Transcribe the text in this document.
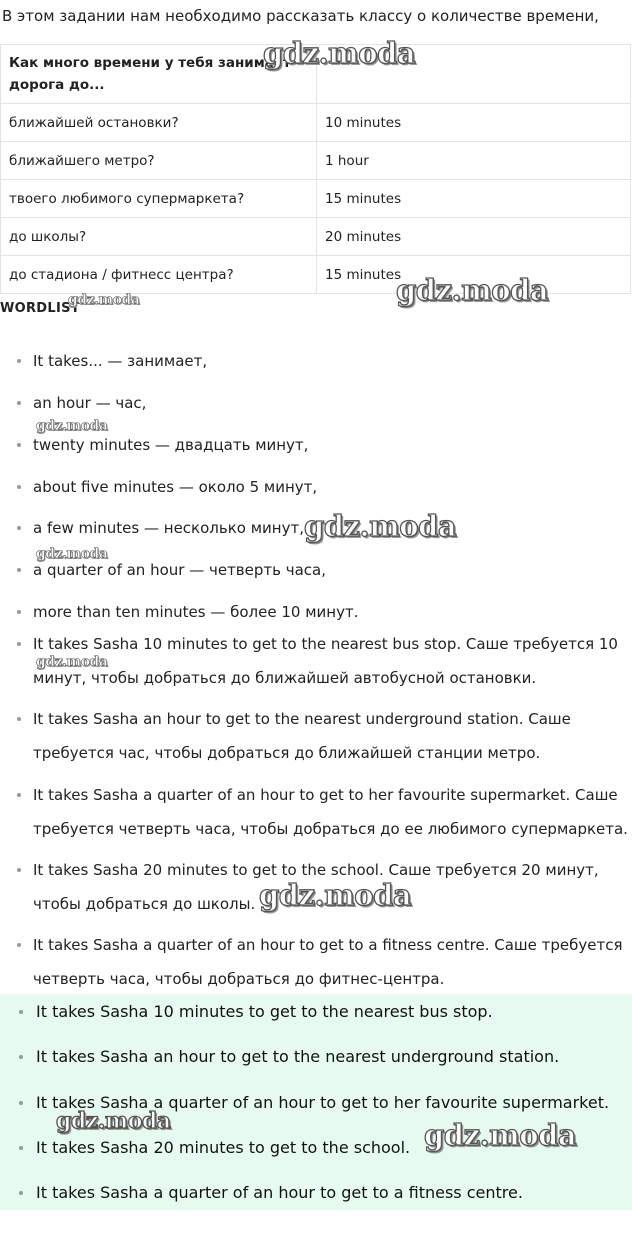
В этом задании нам необходимо рассказать классу о количестве времени,
Как много времени у тебя занимает дорога до...	
ближайшей остановки?	10 minutes
ближайшего метро?	1 hour
твоего любимого супермаркета?	15 minutes
до школы?	20 minutes
до стадиона / фитнесс центра?	15 minutes
WORDLIST
It takes... — занимает,
an hour — час,
twenty minutes — двадцать минут,
about five minutes — около 5 минут,
a few minutes — несколько минут,
a quarter of an hour — четверть часа,
more than ten minutes — более 10 минут.
It takes Sasha 10 minutes to get to the nearest bus stop. Саше требуется 10
минут, чтобы добраться до ближайшей автобусной остановки.
It takes Sasha an hour to get to the nearest underground station. Саше
требуется час, чтобы добраться до ближайшей станции метро.
It takes Sasha a quarter of an hour to get to her favourite supermarket. Саше
требуется четверть часа, чтобы добраться до ее любимого супермаркета.
It takes Sasha 20 minutes to get to the school. Саше требуется 20 минут,
чтобы добраться до школы.
It takes Sasha a quarter of an hour to get to a fitness centre. Саше требуется
четверть часа, чтобы добраться до фитнес-центра.
It takes Sasha 10 minutes to get to the nearest bus stop.
It takes Sasha an hour to get to the nearest underground station.
It takes Sasha a quarter of an hour to get to her favourite supermarket.
It takes Sasha 20 minutes to get to the school.
It takes Sasha a quarter of an hour to get to a fitness centre.
gdz.moda
gdz.moda
gdz.moda
gdz.moda
gdz.moda
gdz.moda
gdz.moda
gdz.moda
gdz.moda	gdz.moda
